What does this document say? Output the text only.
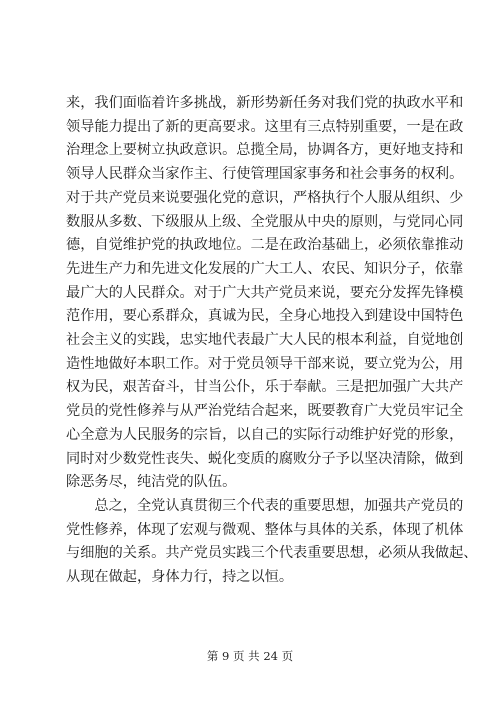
来，我们面临着许多挑战，新形势新任务对我们党的执政水平和
领导能力提出了新的更高要求。这里有三点特别重要，一是在政
治理念上要树立执政意识。总揽全局，协调各方，更好地支持和
领导人民群众当家作主、行使管理国家事务和社会事务的权利。
对于共产党员来说要强化党的意识，严格执行个人服从组织、少
数服从多数、下级服从上级、全党服从中央的原则，与党同心同
德，自觉维护党的执政地位。二是在政治基础上，必须依靠推动
先进生产力和先进文化发展的广大工人、农民、知识分子，依靠
最广大的人民群众。对于广大共产党员来说，要充分发挥先锋模
范作用，要心系群众，真诚为民，全身心地投入到建设中国特色
社会主义的实践，忠实地代表最广大人民的根本利益，自觉地创
造性地做好本职工作。对于党员领导干部来说，要立党为公，用
权为民，艰苦奋斗，甘当公仆，乐于奉献。三是把加强广大共产
党员的党性修养与从严治党结合起来，既要教育广大党员牢记全
心全意为人民服务的宗旨，以自己的实际行动维护好党的形象，
同时对少数党性丧失、蜕化变质的腐败分子予以坚决清除，做到
除恶务尽，纯洁党的队伍。

　　总之，全党认真贯彻三个代表的重要思想，加强共产党员的
党性修养，体现了宏观与微观、整体与具体的关系，体现了机体
与细胞的关系。共产党员实践三个代表重要思想，必须从我做起、
从现在做起，身体力行，持之以恒。

第 9 页 共 24 页
